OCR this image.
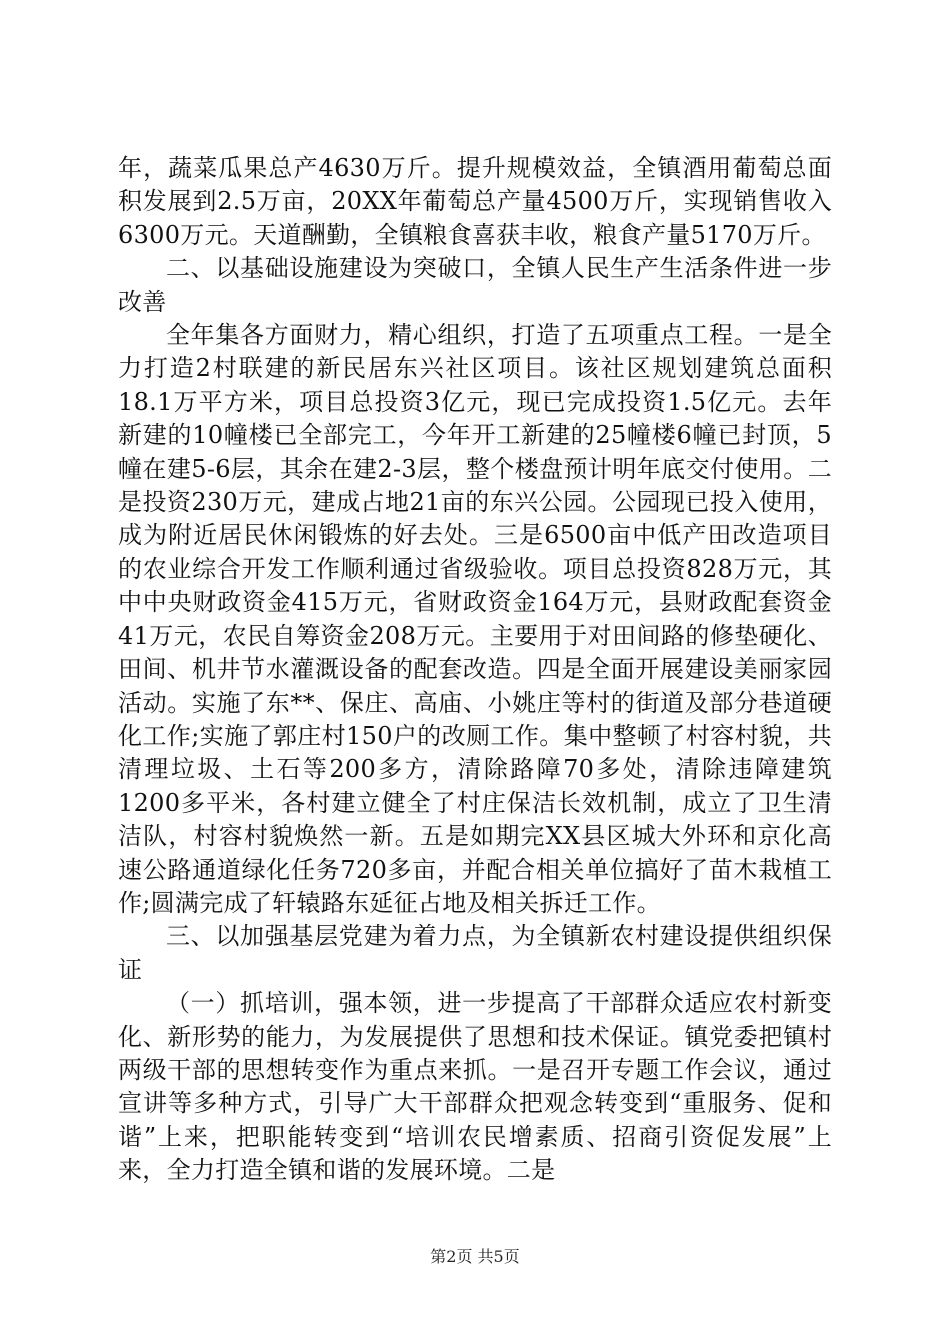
年，蔬菜瓜果总产4630万斤。提升规模效益，全镇酒用葡萄总面积发展到2.5万亩，20XX年葡萄总产量4500万斤，实现销售收入6300万元。天道酬勤，全镇粮食喜获丰收，粮食产量5170万斤。

二、以基础设施建设为突破口，全镇人民生产生活条件进一步改善

全年集各方面财力，精心组织，打造了五项重点工程。一是全力打造2村联建的新民居东兴社区项目。该社区规划建筑总面积18.1万平方米，项目总投资3亿元，现已完成投资1.5亿元。去年新建的10幢楼已全部完工，今年开工新建的25幢楼6幢已封顶，5幢在建5-6层，其余在建2-3层，整个楼盘预计明年底交付使用。二是投资230万元，建成占地21亩的东兴公园。公园现已投入使用，成为附近居民休闲锻炼的好去处。三是6500亩中低产田改造项目的农业综合开发工作顺利通过省级验收。项目总投资828万元，其中中央财政资金415万元，省财政资金164万元，县财政配套资金41万元，农民自筹资金208万元。主要用于对田间路的修垫硬化、田间、机井节水灌溉设备的配套改造。四是全面开展建设美丽家园活动。实施了东**、保庄、高庙、小姚庄等村的街道及部分巷道硬化工作;实施了郭庄村150户的改厕工作。集中整顿了村容村貌，共清理垃圾、土石等200多方，清除路障70多处，清除违障建筑1200多平米，各村建立健全了村庄保洁长效机制，成立了卫生清洁队，村容村貌焕然一新。五是如期完XX县区城大外环和京化高速公路通道绿化任务720多亩，并配合相关单位搞好了苗木栽植工作;圆满完成了轩辕路东延征占地及相关拆迁工作。

三、以加强基层党建为着力点，为全镇新农村建设提供组织保证

（一）抓培训，强本领，进一步提高了干部群众适应农村新变化、新形势的能力，为发展提供了思想和技术保证。镇党委把镇村两级干部的思想转变作为重点来抓。一是召开专题工作会议，通过宣讲等多种方式，引导广大干部群众把观念转变到“重服务、促和谐”上来，把职能转变到“培训农民增素质、招商引资促发展”上来，全力打造全镇和谐的发展环境。二是

第2页 共5页
